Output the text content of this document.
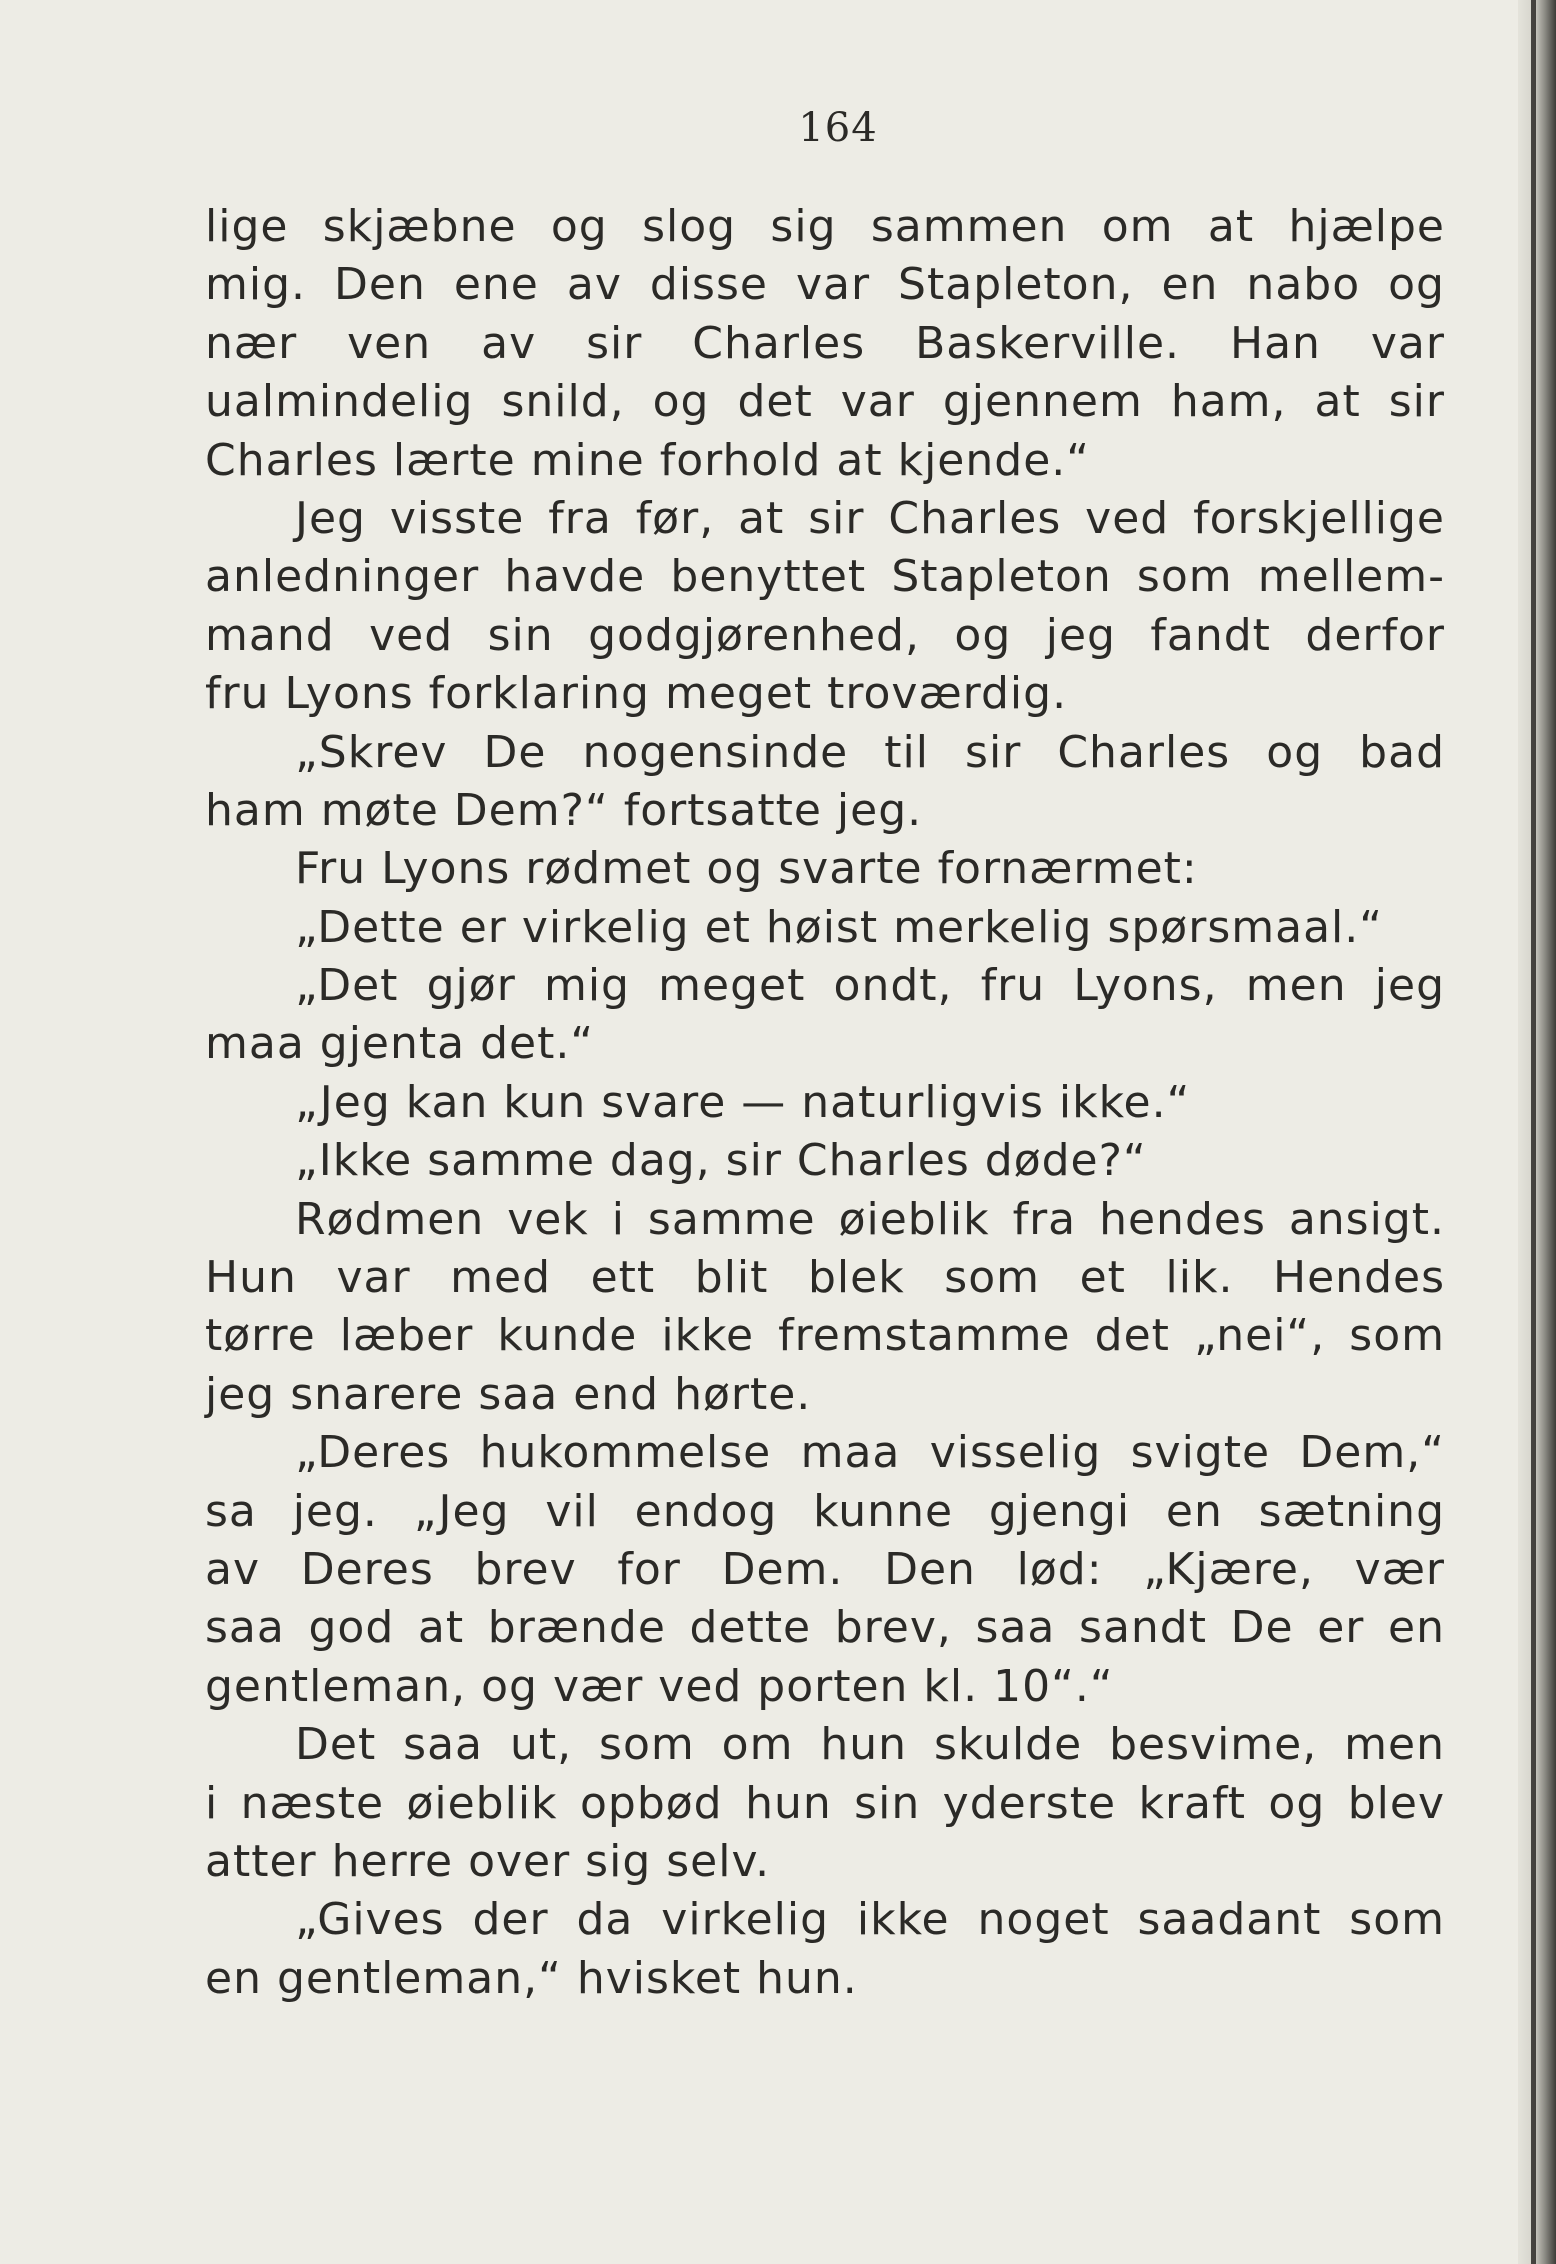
164
lige skjæbne og slog sig sammen om at hjælpe
mig. Den ene av disse var Stapleton, en nabo og
nær ven av sir Charles Baskerville. Han var
ualmindelig snild, og det var gjennem ham, at sir
Charles lærte mine forhold at kjende.“
Jeg visste fra før, at sir Charles ved forskjellige
anledninger havde benyttet Stapleton som mellem-
mand ved sin godgjørenhed, og jeg fandt derfor
fru Lyons forklaring meget troværdig.
„Skrev De nogensinde til sir Charles og bad
ham møte Dem?“ fortsatte jeg.
Fru Lyons rødmet og svarte fornærmet:
„Dette er virkelig et høist merkelig spørsmaal.“
„Det gjør mig meget ondt, fru Lyons, men jeg
maa gjenta det.“
„Jeg kan kun svare — naturligvis ikke.“
„Ikke samme dag, sir Charles døde?“
Rødmen vek i samme øieblik fra hendes ansigt.
Hun var med ett blit blek som et lik. Hendes
tørre læber kunde ikke fremstamme det „nei“, som
jeg snarere saa end hørte.
„Deres hukommelse maa visselig svigte Dem,“
sa jeg. „Jeg vil endog kunne gjengi en sætning
av Deres brev for Dem. Den lød: „Kjære, vær
saa god at brænde dette brev, saa sandt De er en
gentleman, og vær ved porten kl. 10“.“
Det saa ut, som om hun skulde besvime, men
i næste øieblik opbød hun sin yderste kraft og blev
atter herre over sig selv.
„Gives der da virkelig ikke noget saadant som
en gentleman,“ hvisket hun.
